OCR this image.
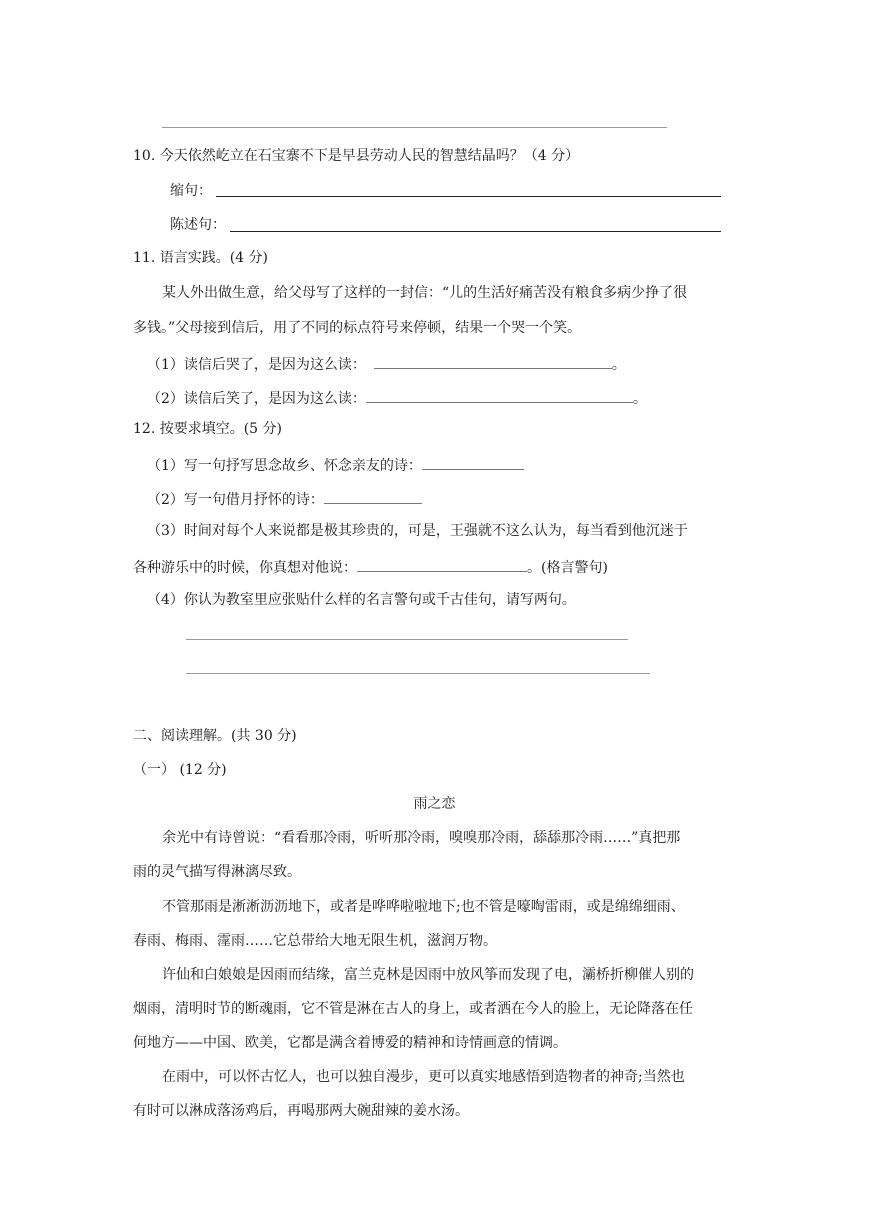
10. 今天依然屹立在石宝寨不下是早县劳动人民的智慧结晶吗？（4 分）
缩句：
陈述句：
11. 语言实践。(4 分)
某人外出做生意，给父母写了这样的一封信：“儿的生活好痛苦没有粮食多病少挣了很
多钱。”父母接到信后，用了不同的标点符号来停顿，结果一个哭一个笑。
（1）读信后哭了，是因为这么读：	。
（2）读信后笑了，是因为这么读：	。
12. 按要求填空。(5 分)
（1）写一句抒写思念故乡、怀念亲友的诗：
（2）写一句借月抒怀的诗：
（3）时间对每个人来说都是极其珍贵的，可是，王强就不这么认为，每当看到他沉迷于
各种游乐中的时候，你真想对他说：	。(格言警句)
（4）你认为教室里应张贴什么样的名言警句或千古佳句，请写两句。
二、阅读理解。(共 30 分)
（一） (12 分)
雨之恋
余光中有诗曾说：“看看那冷雨，听听那冷雨，嗅嗅那冷雨，舔舔那冷雨……”真把那
雨的灵气描写得淋漓尽致。
不管那雨是淅淅沥沥地下，或者是哗哗啦啦地下;也不管是嚎啕雷雨，或是绵绵细雨、
春雨、梅雨、霪雨……它总带给大地无限生机，滋润万物。
许仙和白娘娘是因雨而结缘，富兰克林是因雨中放风筝而发现了电，灞桥折柳催人别的
烟雨，清明时节的断魂雨，它不管是淋在古人的身上，或者洒在今人的脸上，无论降落在任
何地方——中国、欧美，它都是满含着博爱的精神和诗情画意的情调。
在雨中，可以怀古忆人，也可以独自漫步，更可以真实地感悟到造物者的神奇;当然也
有时可以淋成落汤鸡后，再喝那两大碗甜辣的姜水汤。
